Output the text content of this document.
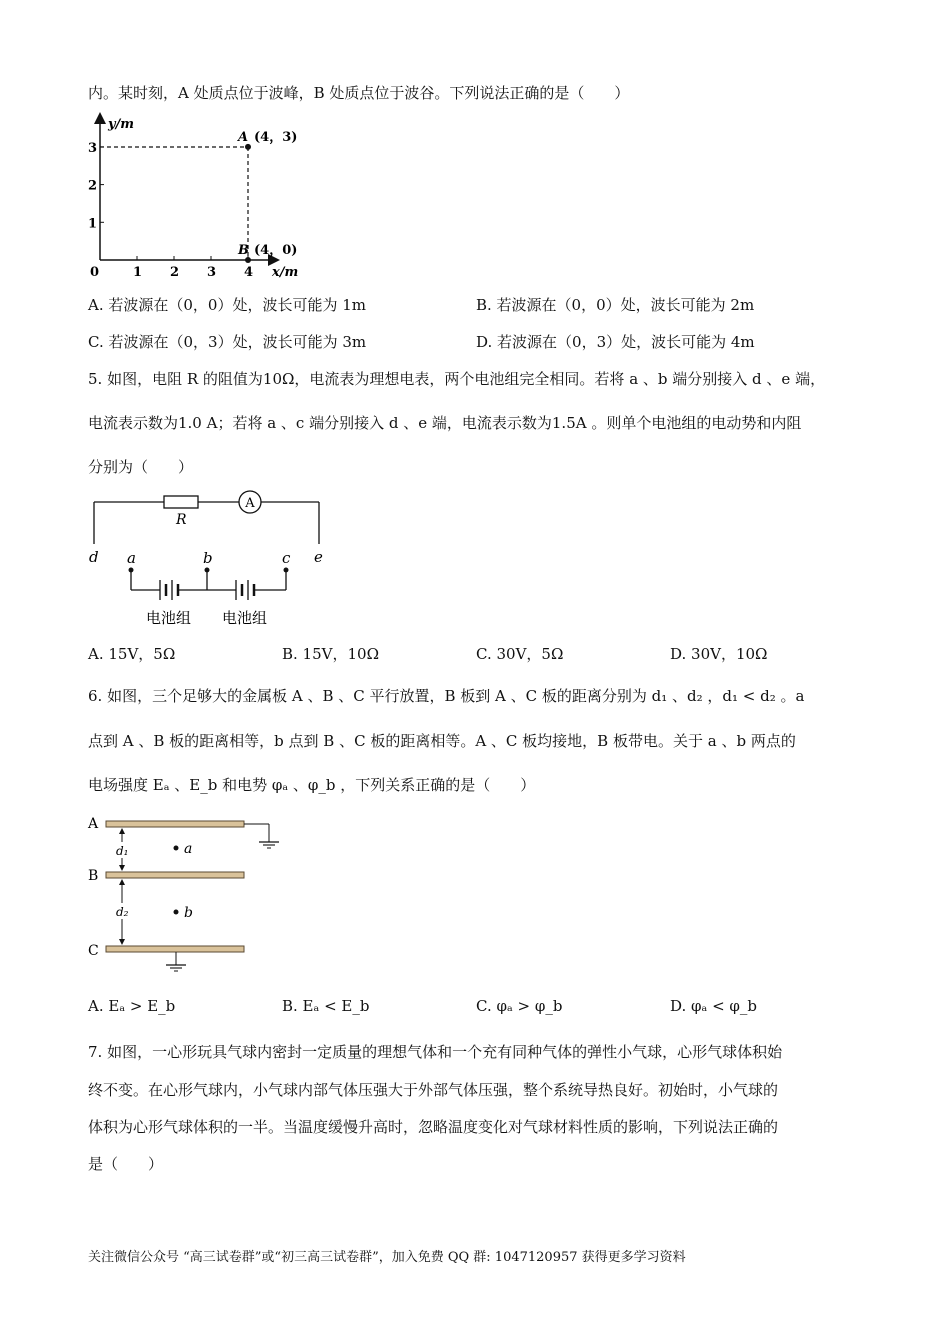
内。某时刻，A 处质点位于波峰，B 处质点位于波谷。下列说法正确的是（　　）
y/m
x/m
0	1 2 3 4
1
2
3
A (4，3)
B (4，0)
A. 若波源在（0，0）处，波长可能为 1m	B. 若波源在（0，0）处，波长可能为 2m
C. 若波源在（0，3）处，波长可能为 3m	D. 若波源在（0，3）处，波长可能为 4m
5. 如图，电阻 R 的阻值为10Ω，电流表为理想电表，两个电池组完全相同。若将 a 、b 端分别接入 d 、e 端，
电流表示数为1.0 A；若将 a 、c 端分别接入 d 、e 端，电流表示数为1.5A 。则单个电池组的电动势和内阻
分别为（　　）
A
R
d a	b	c e
电池组 电池组
A. 15V，5Ω	B. 15V，10Ω	C. 30V，5Ω	D. 30V，10Ω
6. 如图，三个足够大的金属板 A 、B 、C 平行放置，B 板到 A 、C 板的距离分别为 d₁ 、d₂ ，d₁ < d₂ 。a
点到 A 、B 板的距离相等，b 点到 B 、C 板的距离相等。A 、C 板均接地，B 板带电。关于 a 、b 两点的
电场强度 Eₐ 、E_b 和电势 φₐ 、φ_b ，下列关系正确的是（　　）
A
B
C
d₁
d₂
a
b
A. Eₐ > E_b	B. Eₐ < E_b	C. φₐ > φ_b	D. φₐ < φ_b
7. 如图，一心形玩具气球内密封一定质量的理想气体和一个充有同种气体的弹性小气球，心形气球体积始
终不变。在心形气球内，小气球内部气体压强大于外部气体压强，整个系统导热良好。初始时，小气球的
体积为心形气球体积的一半。当温度缓慢升高时，忽略温度变化对气球材料性质的影响，下列说法正确的
是（　　）
关注微信公众号 “高三试卷群”或“初三高三试卷群”，加入免费 QQ 群: 1047120957 获得更多学习资料
